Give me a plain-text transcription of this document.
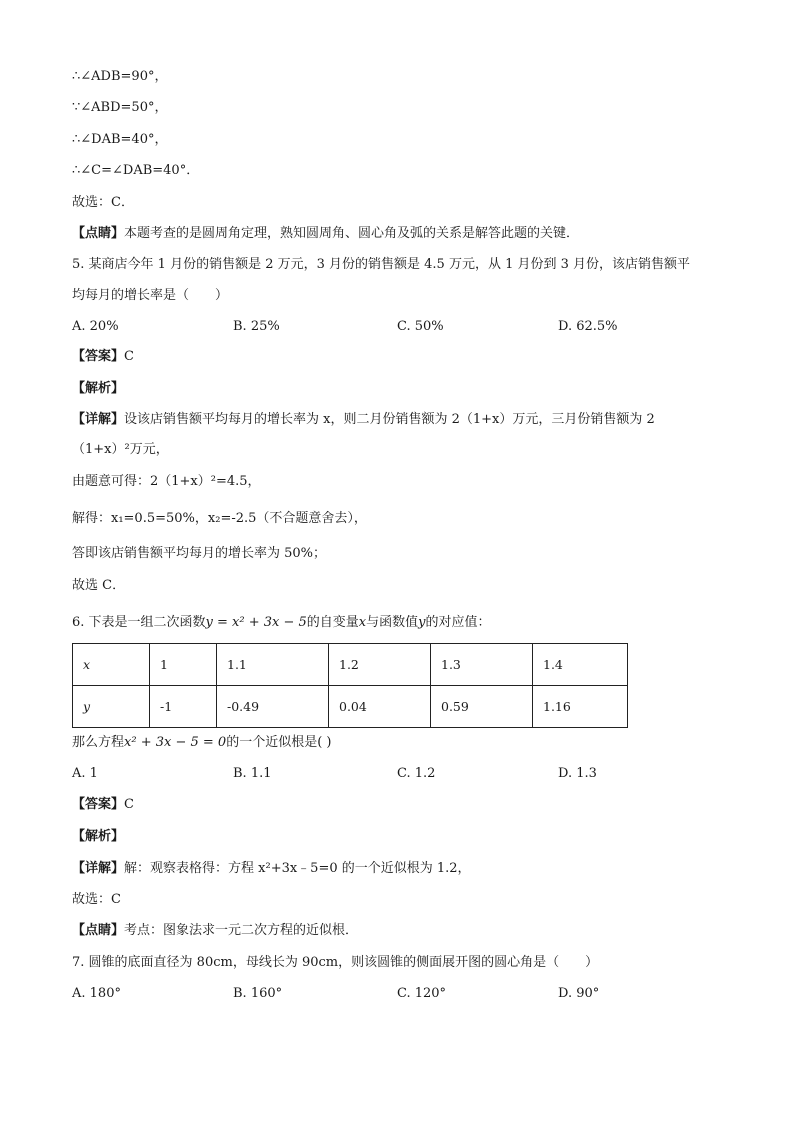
∴∠ADB=90°，
∵∠ABD=50°，
∴∠DAB=40°，
∴∠C=∠DAB=40°．
故选：C．
【点睛】本题考查的是圆周角定理，熟知圆周角、圆心角及弧的关系是解答此题的关键．
5. 某商店今年 1 月份的销售额是 2 万元，3 月份的销售额是 4.5 万元，从 1 月份到 3 月份，该店销售额平
均每月的增长率是（　　）
A. 20%	B. 25%	C. 50%	D. 62.5%
【答案】C
【解析】
【详解】设该店销售额平均每月的增长率为 x，则二月份销售额为 2（1+x）万元，三月份销售额为 2
（1+x）²万元，
由题意可得：2（1+x）²=4.5，
解得：x₁=0.5=50%，x₂=-2.5（不合题意舍去），
答即该店销售额平均每月的增长率为 50%；
故选 C．
6. 下表是一组二次函数y = x² + 3x − 5的自变量x与函数值y的对应值：
x	1	1.1	1.2	1.3	1.4
y	-1	-0.49	0.04	0.59	1.16
那么方程x² + 3x − 5 = 0的一个近似根是( )
A. 1	B. 1.1	C. 1.2	D. 1.3
【答案】C
【解析】
【详解】解：观察表格得：方程 x²+3x﹣5=0 的一个近似根为 1.2，
故选：C
【点睛】考点：图象法求一元二次方程的近似根．
7. 圆锥的底面直径为 80cm，母线长为 90cm，则该圆锥的侧面展开图的圆心角是（　　）
A. 180°	B. 160°	C. 120°	D. 90°
